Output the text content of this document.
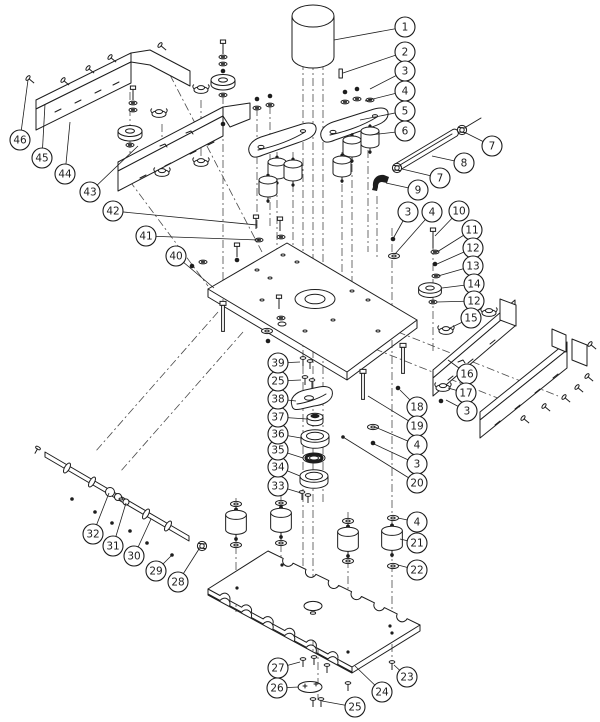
1
2
3
4
5
6
7
8
7
9
3 4 10
11
12
13
14
12
15
16
17
3
18
19
4
3
20
4
21
22
23
24
25
26
27
28
29
30
31
32
33
34
35
36
37
38
25
39
40
41
42
43
44
45
46
